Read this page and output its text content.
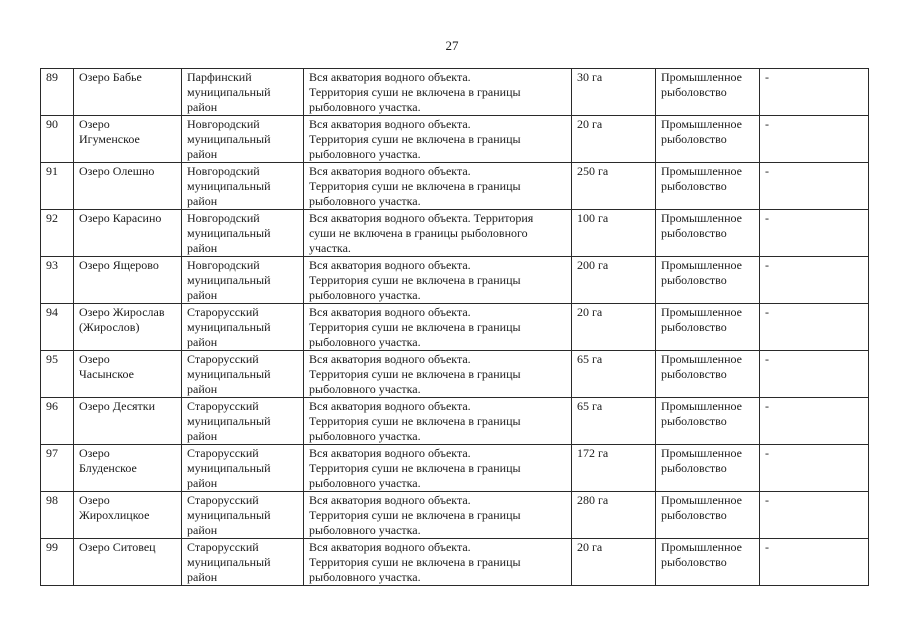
27
89	Озеро Бабье	Парфинский
муниципальный
район	Вся акватория водного объекта.
Территория суши не включена в границы
рыболовного участка.	30 га	Промышленное
рыболовство	-
90	Озеро
Игуменское	Новгородский
муниципальный
район	Вся акватория водного объекта.
Территория суши не включена в границы
рыболовного участка.	20 га	Промышленное
рыболовство	-
91	Озеро Олешно	Новгородский
муниципальный
район	Вся акватория водного объекта.
Территория суши не включена в границы
рыболовного участка.	250 га	Промышленное
рыболовство	-
92	Озеро Карасино	Новгородский
муниципальный
район	Вся акватория водного объекта. Территория
суши не включена в границы рыболовного
участка.	100 га	Промышленное
рыболовство	-
93	Озеро Ящерово	Новгородский
муниципальный
район	Вся акватория водного объекта.
Территория суши не включена в границы
рыболовного участка.	200 га	Промышленное
рыболовство	-
94	Озеро Жирослав
(Жирослов)	Старорусский
муниципальный
район	Вся акватория водного объекта.
Территория суши не включена в границы
рыболовного участка.	20 га	Промышленное
рыболовство	-
95	Озеро
Часынское	Старорусский
муниципальный
район	Вся акватория водного объекта.
Территория суши не включена в границы
рыболовного участка.	65 га	Промышленное
рыболовство	-
96	Озеро Десятки	Старорусский
муниципальный
район	Вся акватория водного объекта.
Территория суши не включена в границы
рыболовного участка.	65 га	Промышленное
рыболовство	-
97	Озеро
Блуденское	Старорусский
муниципальный
район	Вся акватория водного объекта.
Территория суши не включена в границы
рыболовного участка.	172 га	Промышленное
рыболовство	-
98	Озеро
Жирохлицкое	Старорусский
муниципальный
район	Вся акватория водного объекта.
Территория суши не включена в границы
рыболовного участка.	280 га	Промышленное
рыболовство	-
99	Озеро Ситовец	Старорусский
муниципальный
район	Вся акватория водного объекта.
Территория суши не включена в границы
рыболовного участка.	20 га	Промышленное
рыболовство	-
